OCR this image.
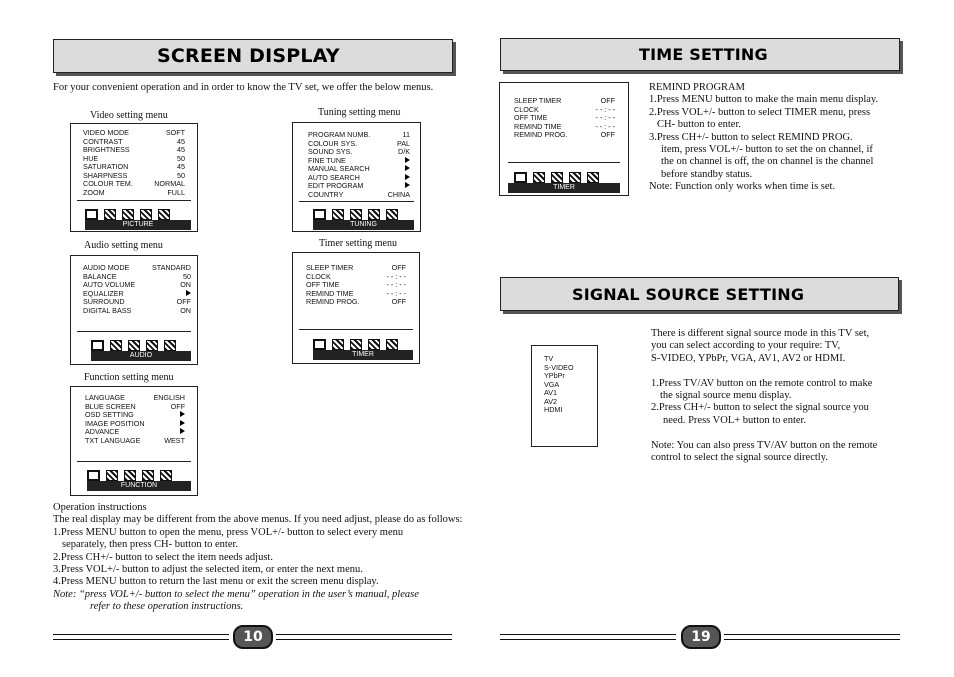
SCREEN DISPLAY
For your convenient operation and in order to know the TV set, we offer the below menus.
Video setting menu
VIDEO MODE	SOFT
CONTRAST	45
BRIGHTNESS	45
HUE	50
SATURATION	45
SHARPNESS	50
COLOUR TEM.	NORMAL
ZOOM	FULL
PICTURE
Tuning setting menu
PROGRAM NUMB.	11
COLOUR SYS.	PAL
SOUND SYS.	D/K
FINE TUNE
MANUAL SEARCH
AUTO SEARCH
EDIT PROGRAM
COUNTRY	CHINA
TUNING
Audio setting menu
AUDIO MODE	STANDARD
BALANCE	50
AUTO VOLUME	ON
EQUALIZER
SURROUND	OFF
DIGITAL BASS	ON
AUDIO
Timer setting menu
SLEEP TIMER	OFF
CLOCK	- - : - -
OFF TIME	- - : - -
REMIND TIME	- - : - -
REMIND PROG.	OFF
TIMER
Function setting menu
LANGUAGE	ENGLISH
BLUE SCREEN	OFF
OSD SETTING
IMAGE POSITION
ADVANCE
TXT LANGUAGE	WEST
FUNCTION
Operation instructions
The real display may be different from the above menus. If you need adjust, please do as follows:
1.Press MENU button to open the menu, press VOL+/- button to select every menu
separately, then press CH- button to enter.
2.Press CH+/- button to select the item needs adjust.
3.Press VOL+/- button to adjust the selected item, or enter the next menu.
4.Press MENU button to return the last menu or exit the screen menu display.
Note: “press VOL+/- button to select the menu” operation in the user’s manual, please
refer to these operation instructions.
10
TIME SETTING
SLEEP TIMER	OFF
CLOCK	- - : - -
OFF TIME	- - : - -
REMIND TIME	- - : - -
REMIND PROG.	OFF
TIMER
REMIND PROGRAM
1.Press MENU button to make the main menu display.
2.Press VOL+/- button to select TIMER menu, press
CH- button to enter.
3.Press CH+/- button to select REMIND PROG.
item, press VOL+/- button to set the on channel, if
the on channel is off, the on channel is the channel
before standby status.
Note: Function only works when time is set.
SIGNAL SOURCE SETTING
TV
S-VIDEO
YPbPr
VGA
AV1
AV2
HDMI
There is different signal source mode in this TV set,
you can select according to your require: TV,
S-VIDEO, YPbPr, VGA, AV1, AV2 or HDMI.
1.Press TV/AV button on the remote control to make
the signal source menu display.
2.Press CH+/- button to select the signal source you
need. Press VOL+ button to enter.
Note: You can also press TV/AV button on the remote
control to select the signal source directly.
19
